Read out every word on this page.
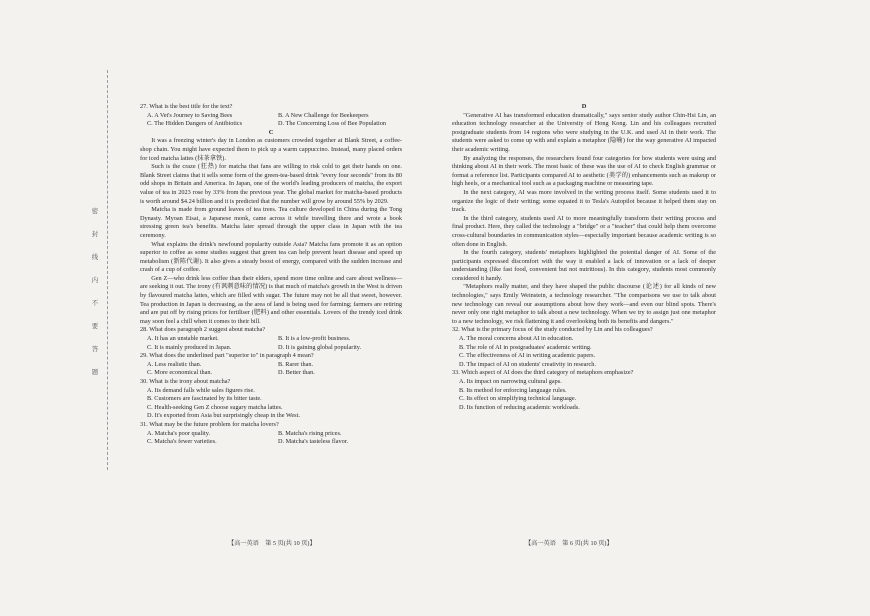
密
封
线
内
不
要
答
题

27. What is the best title for the text?

A. A Vet's Journey to Saving Bees	B. A New Challenge for Beekeepers
C. The Hidden Dangers of Antibiotics	D. The Concerning Loss of Bee Population

C

It was a freezing winter's day in London as customers crowded together at Blank Street, a coffee-shop chain. You might have expected them to pick up a warm cappuccino. Instead, many placed orders for iced matcha lattes (抹茶拿铁).

Such is the craze (狂热) for matcha that fans are willing to risk cold to get their hands on one. Blank Street claims that it sells some form of the green-tea-based drink "every four seconds" from its 80 odd shops in Britain and America. In Japan, one of the world's leading producers of matcha, the export value of tea in 2023 rose by 33% from the previous year. The global market for matcha-based products is worth around $4.24 billion and it is predicted that the number will grow by around 55% by 2029.

Matcha is made from ground leaves of tea trees. Tea culture developed in China during the Tong Dynasty. Myoan Eisai, a Japanese monk, came across it while travelling there and wrote a book stressing green tea's benefits. Matcha later spread through the upper class in Japan with the tea ceremony.

What explains the drink's newfound popularity outside Asia? Matcha fans promote it as an option superior to coffee as some studies suggest that green tea can help prevent heart disease and speed up metabolism (新陈代谢). It also gives a steady boost of energy, compared with the sudden increase and crash of a cup of coffee.

Gen Z—who drink less coffee than their elders, spend more time online and care about wellness—are seeking it out. The irony (有讽刺意味的情况) is that much of matcha's growth in the West is driven by flavoured matcha lattes, which are filled with sugar. The future may not be all that sweet, however. Tea production in Japan is decreasing, as the area of land is being used for farming; farmers are retiring and are put off by rising prices for fertiliser (肥料) and other essentials. Lovers of the trendy iced drink may soon feel a chill when it comes to their bill.

28. What does paragraph 2 suggest about matcha?

A. It has an unstable market.	B. It is a low-profit business.
C. It is mainly produced in Japan.	D. It is gaining global popularity.

29. What does the underlined part "superior to" in paragraph 4 mean?

A. Less realistic than.	B. Rarer than.
C. More economical than.	D. Better than.

30. What is the irony about matcha?

A. Its demand falls while sales figures rise.

B. Customers are fascinated by its bitter taste.

C. Health-seeking Gen Z choose sugary matcha lattes.

D. It's exported from Asia but surprisingly cheap in the West.

31. What may be the future problem for matcha lovers?

A. Matcha's poor quality.	B. Matcha's rising prices.
C. Matcha's fewer varieties.	D. Matcha's tasteless flavor.

D

"Generative AI has transformed education dramatically," says senior study author Chin-Hsi Lin, an education technology researcher at the University of Hong Kong. Lin and his colleagues recruited postgraduate students from 14 regions who were studying in the U.K. and used AI in their work. The students were asked to come up with and explain a metaphor (隐喻) for the way generative AI impacted their academic writing.

By analyzing the responses, the researchers found four categories for how students were using and thinking about AI in their work. The most basic of these was the use of AI to check English grammar or format a reference list. Participants compared AI to aesthetic (美学的) enhancements such as makeup or high heels, or a mechanical tool such as a packaging machine or measuring tape.

In the next category, AI was more involved in the writing process itself. Some students used it to organize the logic of their writing; some equated it to Tesla's Autopilot because it helped them stay on track.

In the third category, students used AI to more meaningfully transform their writing process and final product. Here, they called the technology a "bridge" or a "teacher" that could help them overcome cross-cultural boundaries in communication styles—especially important because academic writing is so often done in English.

In the fourth category, students' metaphors highlighted the potential danger of AI. Some of the participants expressed discomfort with the way it enabled a lack of innovation or a lack of deeper understanding (like fast food, convenient but not nutritious). In this category, students most commonly considered it handy.

"Metaphors really matter, and they have shaped the public discourse (论述) for all kinds of new technologies," says Emily Weinstein, a technology researcher. "The comparisons we use to talk about new technology can reveal our assumptions about how they work—and even our blind spots. There's never only one right metaphor to talk about a new technology. When we try to assign just one metaphor to a new technology, we risk flattening it and overlooking both its benefits and dangers."

32. What is the primary focus of the study conducted by Lin and his colleagues?

A. The moral concerns about AI in education.

B. The role of AI in postgraduates' academic writing.

C. The effectiveness of AI in writing academic papers.

D. The impact of AI on students' creativity in research.

33. Which aspect of AI does the third category of metaphors emphasize?

A. Its impact on narrowing cultural gaps.

B. Its method for enforcing language rules.

C. Its effect on simplifying technical language.

D. Its function of reducing academic workloads.

【高一英语　第 5 页(共 10 页)】	【高一英语　第 6 页(共 10 页)】
